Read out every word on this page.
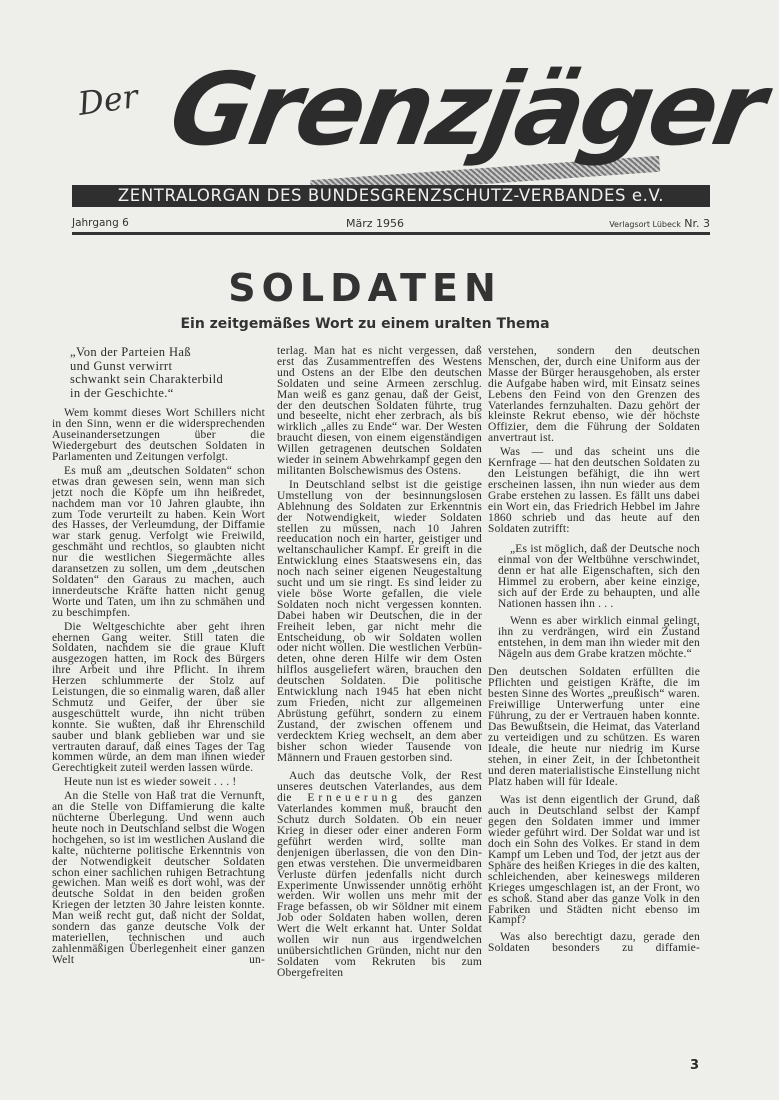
Der Grenzjäger
ZENTRALORGAN DES BUNDESGRENZSCHUTZ-VERBANDES e.V.
Jahrgang 6	März 1956	Verlagsort Lübeck Nr. 3
SOLDATEN
Ein zeitgemäßes Wort zu einem uralten Thema
„Von der Parteien Haß
und Gunst verwirrt
schwankt sein Charakterbild
in der Geschichte.“

Wem kommt dieses Wort Schillers nicht in den Sinn, wenn er die widersprechenden Auseinandersetzungen über die Wiedergeburt des deutschen Soldaten in Parlamenten und Zeitungen verfolgt.

Es muß am „deutschen Soldaten“ schon etwas dran gewesen sein, wenn man sich jetzt noch die Köpfe um ihn heißredet, nachdem man vor 10 Jahren glaubte, ihn zum Tode verurteilt zu haben. Kein Wort des Hasses, der Verleumdung, der Diffamie war stark genug. Verfolgt wie Freiwild, geschmäht und rechtlos, so glaubten nicht nur die westlichen Siegermächte alles daransetzen zu sollen, um dem „deutschen Soldaten“ den Garaus zu machen, auch innerdeutsche Kräfte hatten nicht genug Worte und Taten, um ihn zu schmähen und zu beschimpfen.

Die Weltgeschichte aber geht ihren ehernen Gang weiter. Still taten die Soldaten, nachdem sie die graue Kluft ausgezogen hatten, im Rock des Bürgers ihre Arbeit und ihre Pflicht. In ihrem Herzen schlummerte der Stolz auf Leistungen, die so einmalig waren, daß aller Schmutz und Geifer, der über sie ausgeschüttelt wurde, ihn nicht trüben konnte. Sie wußten, daß ihr Ehrenschild sauber und blank geblieben war und sie vertrauten darauf, daß eines Tages der Tag kommen würde, an dem man ihnen wieder Gerechtigkeit zuteil werden lassen würde.

Heute nun ist es wieder soweit . . . !

An die Stelle von Haß trat die Vernunft, an die Stelle von Diffamierung die kalte nüchterne Überlegung. Und wenn auch heute noch in Deutschland selbst die Wogen hochgehen, so ist im westlichen Ausland die kalte, nüchterne politische Erkenntnis von der Notwendigkeit deutscher Soldaten schon einer sachlichen ruhigen Betrachtung gewichen. Man weiß es dort wohl, was der deutsche Soldat in den beiden großen Kriegen der letzten 30 Jahre leisten konnte. Man weiß recht gut, daß nicht der Soldat, sondern das ganze deutsche Volk der materiellen, technischen und auch zahlenmäßigen Überlegenheit einer ganzen Welt un-

terlag. Man hat es nicht vergessen, daß erst das Zusammentreffen des Westens und Ostens an der Elbe den deutschen Soldaten und seine Armeen zerschlug. Man weiß es ganz genau, daß der Geist, der den deutschen Soldaten führte, trug und beseelte, nicht eher zerbrach, als bis wirklich „alles zu Ende“ war. Der Westen braucht diesen, von einem eigenständigen Willen getragenen deutschen Soldaten wieder in seinem Abwehrkampf gegen den militanten Bolschewismus des Ostens.

In Deutschland selbst ist die geistige Umstellung von der besinnungslosen Ablehnung des Soldaten zur Erkenntnis der Notwendigkeit, wieder Soldaten stellen zu müssen, nach 10 Jahren reeducation noch ein harter, geistiger und weltanschaulicher Kampf. Er greift in die Entwicklung eines Staatswesens ein, das noch nach seiner eigenen Neugestaltung sucht und um sie ringt. Es sind leider zu viele böse Worte gefallen, die viele Soldaten noch nicht vergessen konnten. Dabei haben wir Deutschen, die in der Freiheit leben, gar nicht mehr die Entscheidung, ob wir Soldaten wollen oder nicht wollen. Die westlichen Verbündeten, ohne deren Hilfe wir dem Osten hilflos ausgeliefert wären, brauchen den deutschen Soldaten. Die politische Entwicklung nach 1945 hat eben nicht zum Frieden, nicht zur allgemeinen Abrüstung geführt, sondern zu einem Zustand, der zwischen offenem und verdecktem Krieg wechselt, an dem aber bisher schon wieder Tausende von Männern und Frauen gestorben sind.

Auch das deutsche Volk, der Rest unseres deutschen Vaterlandes, aus dem die Erneuerung des ganzen Vaterlandes kommen muß, braucht den Schutz durch Soldaten. Ob ein neuer Krieg in dieser oder einer anderen Form geführt werden wird, sollte man denjenigen überlassen, die von den Dingen etwas verstehen. Die unvermeidbaren Verluste dürfen jedenfalls nicht durch Experimente Unwissender unnötig erhöht werden. Wir wollen uns mehr mit der Frage befassen, ob wir Söldner mit einem Job oder Soldaten haben wollen, deren Wert die Welt erkannt hat. Unter Soldat wollen wir nun aus irgendwelchen unübersichtlichen Gründen, nicht nur den Soldaten vom Rekruten bis zum Obergefreiten

verstehen, sondern den deutschen Menschen, der, durch eine Uniform aus der Masse der Bürger herausgehoben, als erster die Aufgabe haben wird, mit Einsatz seines Lebens den Feind von den Grenzen des Vaterlandes fernzuhalten. Dazu gehört der kleinste Rekrut ebenso, wie der höchste Offizier, dem die Führung der Soldaten anvertraut ist.

Was — und das scheint uns die Kernfrage — hat den deutschen Soldaten zu den Leistungen befähigt, die ihn wert erscheinen lassen, ihn nun wieder aus dem Grabe erstehen zu lassen. Es fällt uns dabei ein Wort ein, das Friedrich Hebbel im Jahre 1860 schrieb und das heute auf den Soldaten zutrifft:

„Es ist möglich, daß der Deutsche noch einmal von der Weltbühne verschwindet, denn er hat alle Eigenschaften, sich den Himmel zu erobern, aber keine einzige, sich auf der Erde zu behaupten, und alle Nationen hassen ihn . . .

Wenn es aber wirklich einmal gelingt, ihn zu verdrängen, wird ein Zustand entstehen, in dem man ihn wieder mit den Nägeln aus dem Grabe kratzen möchte.“

Den deutschen Soldaten erfüllten die Pflichten und geistigen Kräfte, die im besten Sinne des Wortes „preußisch“ waren. Freiwillige Unterwerfung unter eine Führung, zu der er Vertrauen haben konnte. Das Bewußtsein, die Heimat, das Vaterland zu verteidigen und zu schützen. Es waren Ideale, die heute nur niedrig im Kurse stehen, in einer Zeit, in der Ichbetontheit und deren materialistische Einstellung nicht Platz haben will für Ideale.

Was ist denn eigentlich der Grund, daß auch in Deutschland selbst der Kampf gegen den Soldaten immer und immer wieder geführt wird. Der Soldat war und ist doch ein Sohn des Volkes. Er stand in dem Kampf um Leben und Tod, der jetzt aus der Sphäre des heißen Krieges in die des kalten, schleichenden, aber keineswegs milderen Krieges umgeschlagen ist, an der Front, wo es schoß. Stand aber das ganze Volk in den Fabriken und Städten nicht ebenso im Kampf?

Was also berechtigt dazu, gerade den Soldaten besonders zu diffamie-

3
